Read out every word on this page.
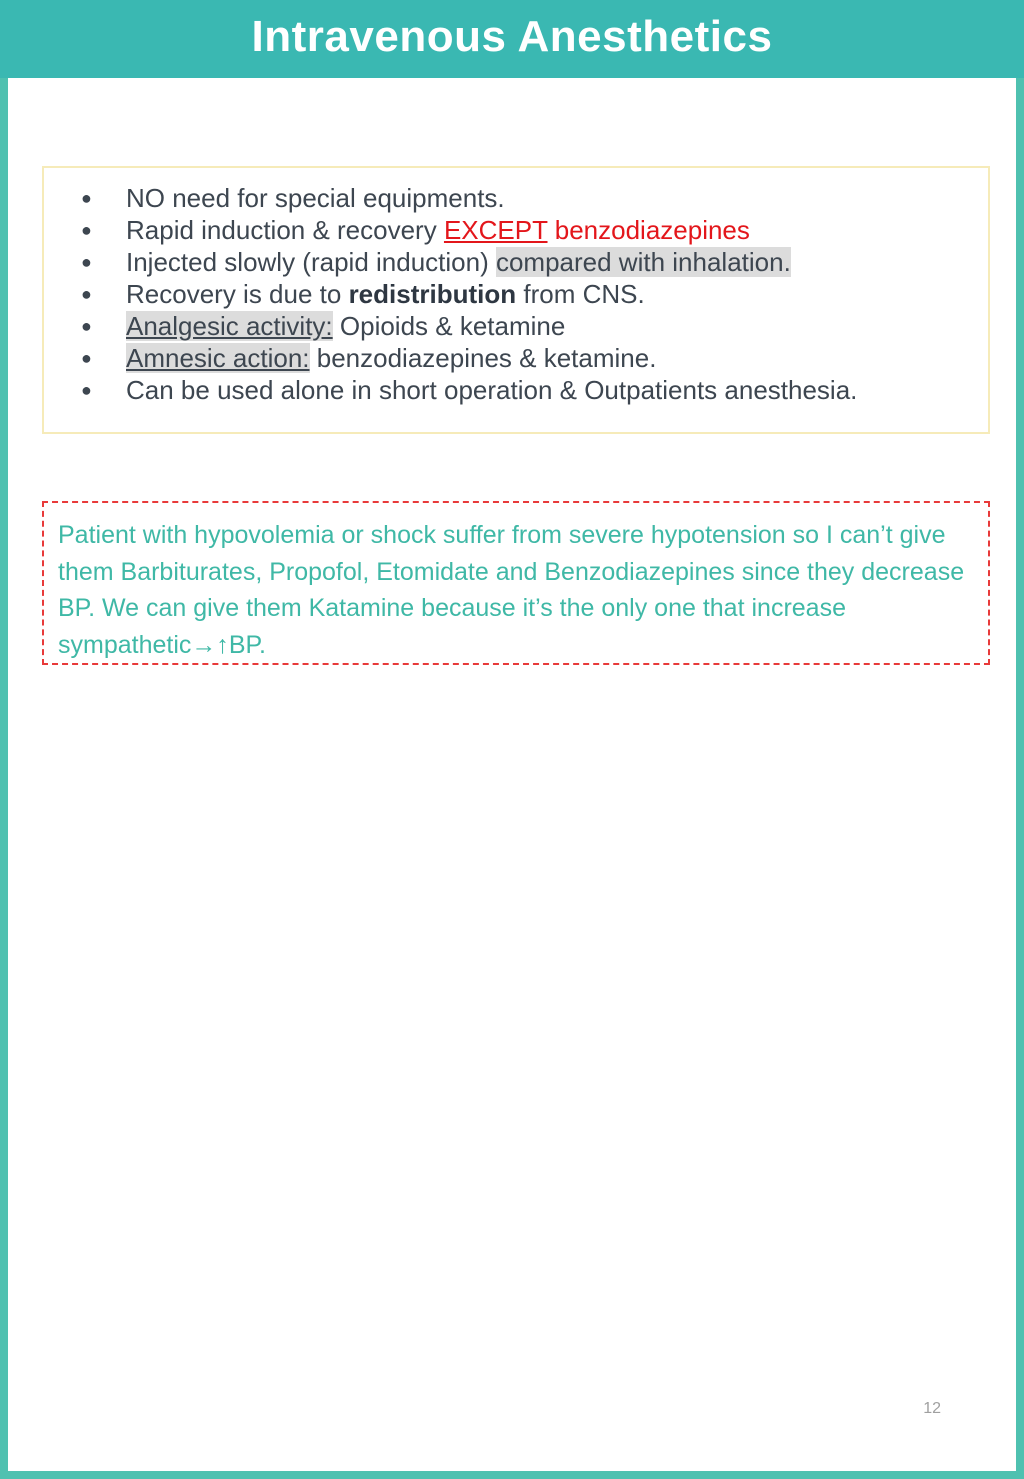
Intravenous Anesthetics
● NO need for special equipments.
● Rapid induction & recovery EXCEPT benzodiazepines
● Injected slowly (rapid induction) compared with inhalation.
● Recovery is due to redistribution from CNS.
● Analgesic activity: Opioids & ketamine
● Amnesic action: benzodiazepines & ketamine.
● Can be used alone in short operation & Outpatients anesthesia.
Patient with hypovolemia or shock suffer from severe hypotension so I can’t give them Barbiturates, Propofol, Etomidate and Benzodiazepines since they decrease BP. We can give them Katamine because it’s the only one that increase sympathetic→↑BP.
12
